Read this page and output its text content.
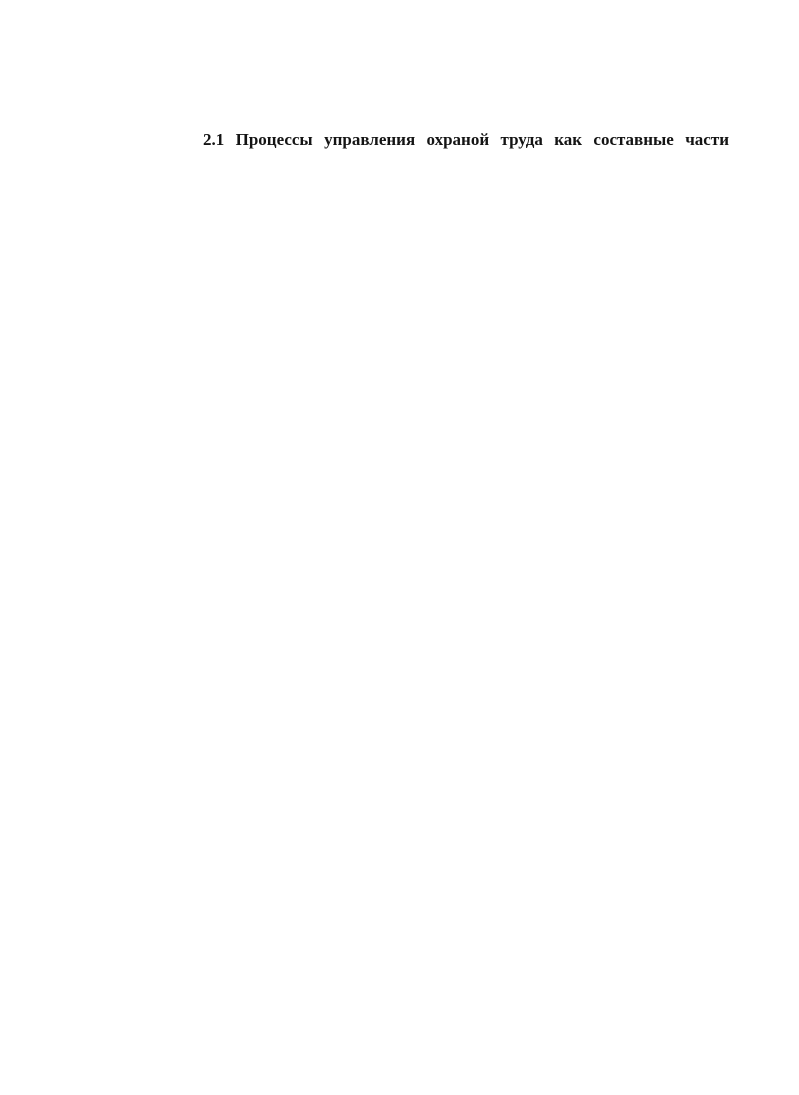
2.1 Процессы управления охраной труда как составные части
